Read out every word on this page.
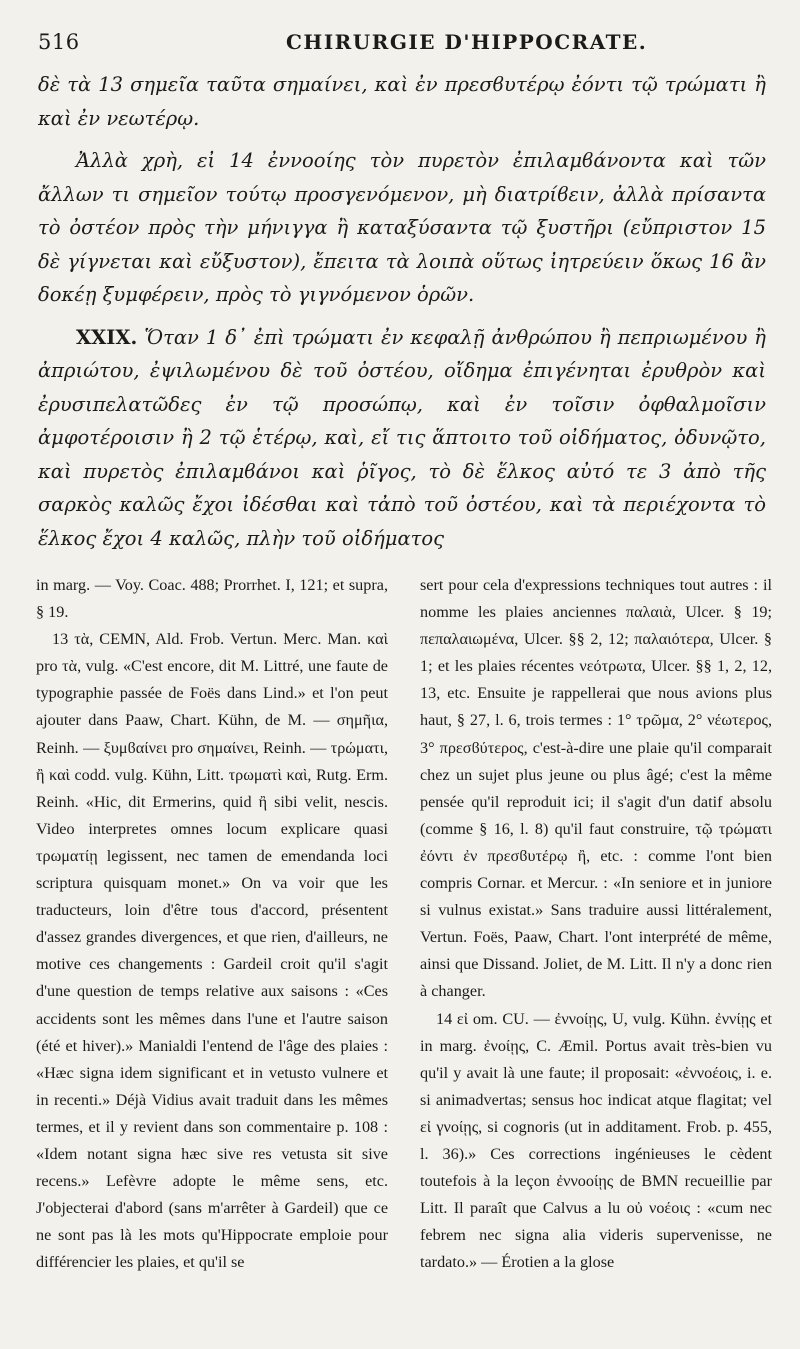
516	CHIRURGIE D'HIPPOCRATE.

δὲ τὰ 13 σημεῖα ταῦτα σημαίνει, καὶ ἐν πρεσϐυτέρῳ ἐόντι τῷ τρώματι ἢ καὶ ἐν νεωτέρῳ.

Ἀλλὰ χρὴ, εἰ 14 ἐννοοίης τὸν πυρετὸν ἐπιλαμϐάνοντα καὶ τῶν ἄλλων τι σημεῖον τούτῳ προσγενόμενον, μὴ διατρίϐειν, ἀλλὰ πρίσαντα τὸ ὀστέον πρὸς τὴν μήνιγγα ἢ καταξύσαντα τῷ ξυστῆρι (εὔπριστον 15 δὲ γίγνεται καὶ εὔξυστον), ἔπειτα τὰ λοιπὰ οὕτως ἰητρεύειν ὅκως 16 ἂν δοκέῃ ξυμφέρειν, πρὸς τὸ γιγνόμενον ὁρῶν.

XXIX. Ὅταν 1 δ᾽ ἐπὶ τρώματι ἐν κεφαλῇ ἀνθρώπου ἢ πεπριωμένου ἢ ἀπριώτου, ἐψιλωμένου δὲ τοῦ ὀστέου, οἴδημα ἐπιγένηται ἐρυθρὸν καὶ ἐρυσιπελατῶδες ἐν τῷ προσώπῳ, καὶ ἐν τοῖσιν ὀφθαλμοῖσιν ἀμφοτέροισιν ἢ 2 τῷ ἑτέρῳ, καὶ, εἴ τις ἅπτοιτο τοῦ οἰδήματος, ὀδυνῷτο, καὶ πυρετὸς ἐπιλαμϐάνοι καὶ ῥῖγος, τὸ δὲ ἕλκος αὐτό τε 3 ἀπὸ τῆς σαρκὸς καλῶς ἔχοι ἰδέσθαι καὶ τἀπὸ τοῦ ὀστέου, καὶ τὰ περιέχοντα τὸ ἕλκος ἔχοι 4 καλῶς, πλὴν τοῦ οἰδήματος

in marg. — Voy. Coac. 488; Prorrhet. I, 121; et supra, § 19.

13 τὰ, CEMN, Ald. Frob. Vertun. Merc. Man. καὶ pro τὰ, vulg. «C'est encore, dit M. Littré, une faute de typographie passée de Foës dans Lind.» et l'on peut ajouter dans Paaw, Chart. Kühn, de M. — σημῆια, Reinh. — ξυμϐαίνει pro σημαίνει, Reinh. — τρώματι, ἢ καὶ codd. vulg. Kühn, Litt. τρωματὶ καὶ, Rutg. Erm. Reinh. «Hic, dit Ermerins, quid ἢ sibi velit, nescis. Video interpretes omnes locum explicare quasi τρωματίῃ legissent, nec tamen de emendanda loci scriptura quisquam monet.» On va voir que les traducteurs, loin d'être tous d'accord, présentent d'assez grandes divergences, et que rien, d'ailleurs, ne motive ces changements : Gardeil croit qu'il s'agit d'une question de temps relative aux saisons : «Ces accidents sont les mêmes dans l'une et l'autre saison (été et hiver).» Manialdi l'entend de l'âge des plaies : «Hæc signa idem significant et in vetusto vulnere et in recenti.» Déjà Vidius avait traduit dans les mêmes termes, et il y revient dans son commentaire p. 108 : «Idem notant signa hæc sive res vetusta sit sive recens.» Lefèvre adopte le même sens, etc. J'objecterai d'abord (sans m'arrêter à Gardeil) que ce ne sont pas là les mots qu'Hippocrate emploie pour différencier les plaies, et qu'il se

sert pour cela d'expressions techniques tout autres : il nomme les plaies anciennes παλαιὰ, Ulcer. § 19; πεπαλαιωμένα, Ulcer. §§ 2, 12; παλαιότερα, Ulcer. § 1; et les plaies récentes νεότρωτα, Ulcer. §§ 1, 2, 12, 13, etc. Ensuite je rappellerai que nous avions plus haut, § 27, l. 6, trois termes : 1° τρῶμα, 2° νέωτερος, 3° πρεσϐύτερος, c'est-à-dire une plaie qu'il comparait chez un sujet plus jeune ou plus âgé; c'est la même pensée qu'il reproduit ici; il s'agit d'un datif absolu (comme § 16, l. 8) qu'il faut construire, τῷ τρώματι ἐόντι ἐν πρεσϐυτέρῳ ἢ, etc. : comme l'ont bien compris Cornar. et Mercur. : «In seniore et in juniore si vulnus existat.» Sans traduire aussi littéralement, Vertun. Foës, Paaw, Chart. l'ont interprété de même, ainsi que Dissand. Joliet, de M. Litt. Il n'y a donc rien à changer.

14 εἰ om. CU. — ἐννοίῃς, U, vulg. Kühn. ἐννίῃς et in marg. ἐνοίῃς, C. Æmil. Portus avait très-bien vu qu'il y avait là une faute; il proposait: «ἐννοέοις, i. e. si animadvertas; sensus hoc indicat atque flagitat; vel εἰ γνοίῃς, si cognoris (ut in additament. Frob. p. 455, l. 36).» Ces corrections ingénieuses le cèdent toutefois à la leçon ἐννοοίῃς de BMN recueillie par Litt. Il paraît que Calvus a lu οὐ νοέοις : «cum nec febrem nec signa alia videris supervenisse, ne tardato.» — Érotien a la glose
